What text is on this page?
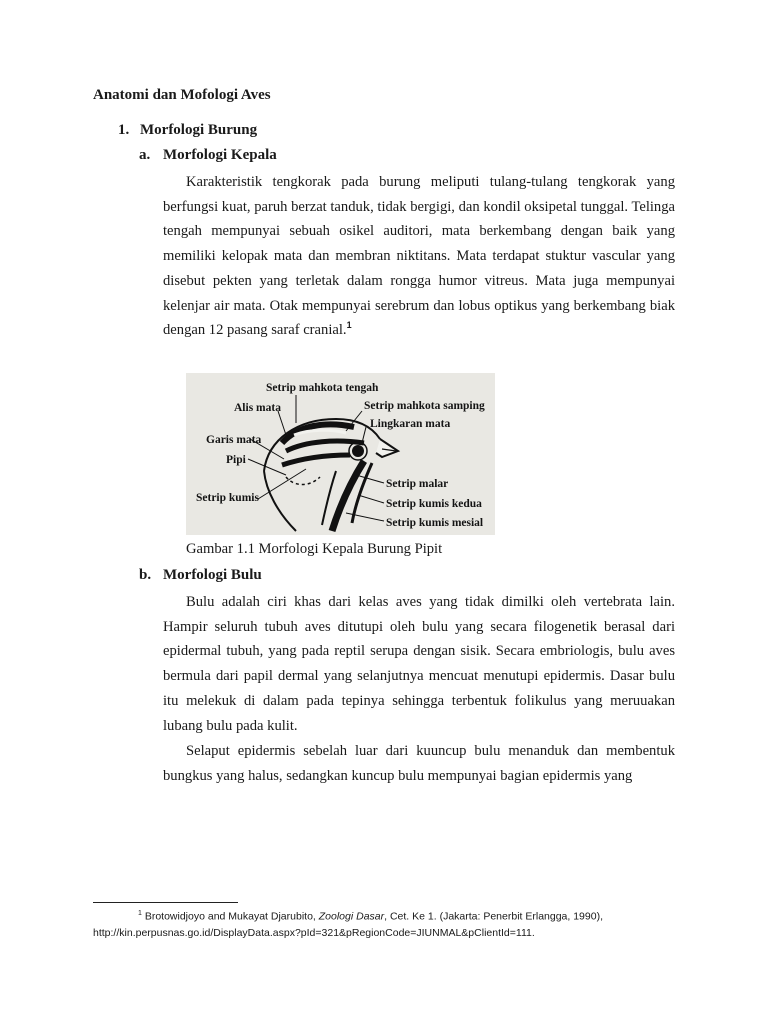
Anatomi dan Mofologi Aves
1. Morfologi Burung
a. Morfologi Kepala

Karakteristik tengkorak pada burung meliputi tulang-tulang tengkorak yang berfungsi kuat, paruh berzat tanduk, tidak bergigi, dan kondil oksipetal tunggal. Telinga tengah mempunyai sebuah osikel auditori, mata berkembang dengan baik yang memiliki kelopak mata dan membran niktitans. Mata terdapat stuktur vascular yang disebut pekten yang terletak dalam rongga humor vitreus. Mata juga mempunyai kelenjar air mata. Otak mempunyai serebrum dan lobus optikus yang berkembang biak dengan 12 pasang saraf cranial.$^1$

Setrip mahkota tengah
Alis mata	Setrip mahkota samping
Lingkaran mata
Garis mata
Pipi
Setrip kumis
Setrip malar
Setrip kumis kedua
Setrip kumis mesial
Gambar 1.1 Morfologi Kepala Burung Pipit
b. Morfologi Bulu

Bulu adalah ciri khas dari kelas aves yang tidak dimilki oleh vertebrata lain. Hampir seluruh tubuh aves ditutupi oleh bulu yang secara filogenetik berasal dari epidermal tubuh, yang pada reptil serupa dengan sisik. Secara embriologis, bulu aves bermula dari papil dermal yang selanjutnya mencuat menutupi epidermis. Dasar bulu itu melekuk di dalam pada tepinya sehingga terbentuk folikulus yang meruuakan lubang bulu pada kulit.

Selaput epidermis sebelah luar dari kuuncup bulu menanduk dan membentuk bungkus yang halus, sedangkan kuncup bulu mempunyai bagian epidermis yang

$^1$ Brotowidjoyo and Mukayat Djarubito, Zoologi Dasar, Cet. Ke 1. (Jakarta: Penerbit Erlangga, 1990),
http://kin.perpusnas.go.id/DisplayData.aspx?pId=321&pRegionCode=JIUNMAL&pClientId=111.
